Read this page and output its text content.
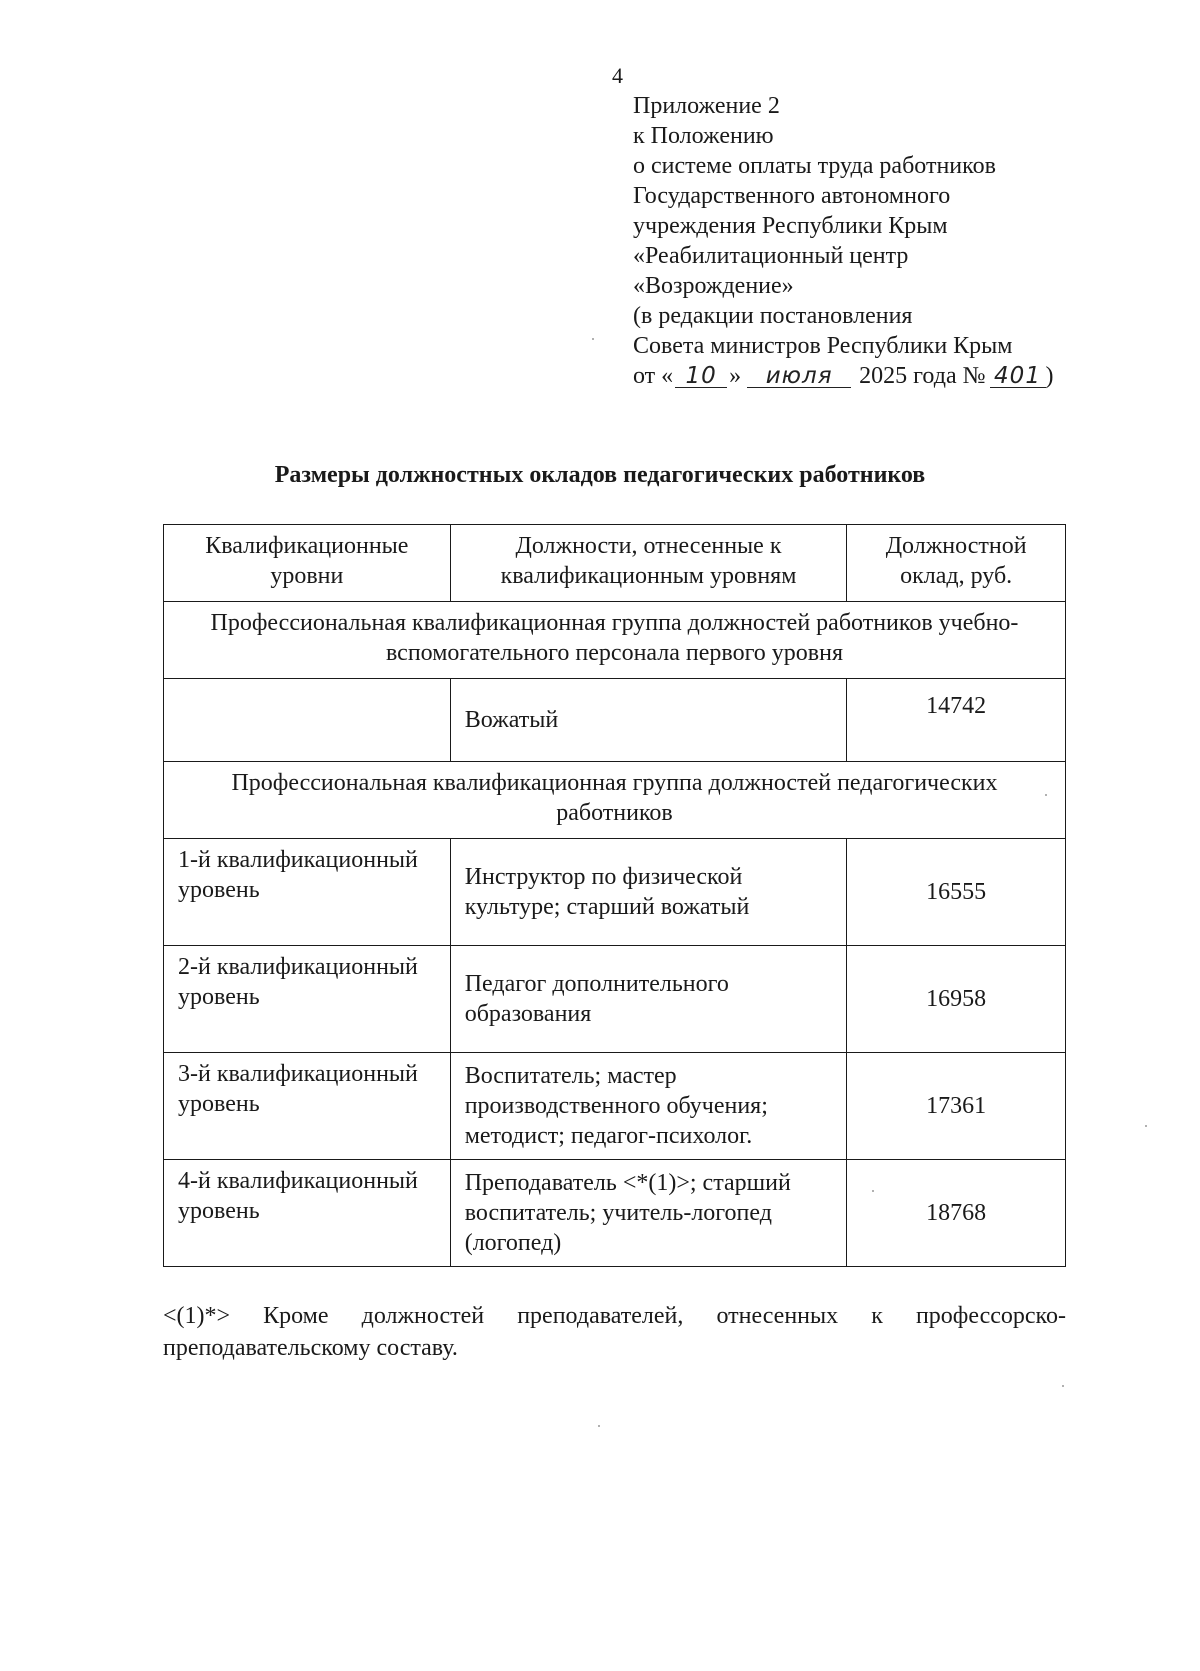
4
Приложение 2
к Положению
о системе оплаты труда работников
Государственного автономного
учреждения Республики Крым
«Реабилитационный центр
«Возрождение»
(в редакции постановления
Совета министров Республики Крым
от « 10 » июля 2025 года № 401 )
Размеры должностных окладов педагогических работников
Квалификационные уровни	Должности, отнесенные к квалификационным уровням	Должностной оклад, руб.
Профессиональная квалификационная группа должностей работников учебно-вспомогательного персонала первого уровня		
	Вожатый	14742
Профессиональная квалификационная группа должностей педагогических работников		
1-й квалификационный уровень	Инструктор по физической культуре; старший вожатый	16555
2-й квалификационный уровень	Педагог дополнительного образования	16958
3-й квалификационный уровень	Воспитатель; мастер производственного обучения; методист; педагог-психолог.	17361
4-й квалификационный уровень	Преподаватель <*(1)>; старший воспитатель; учитель-логопед (логопед)	18768
<(1)*> Кроме должностей преподавателей, отнесенных к профессорско-преподавательскому составу.
